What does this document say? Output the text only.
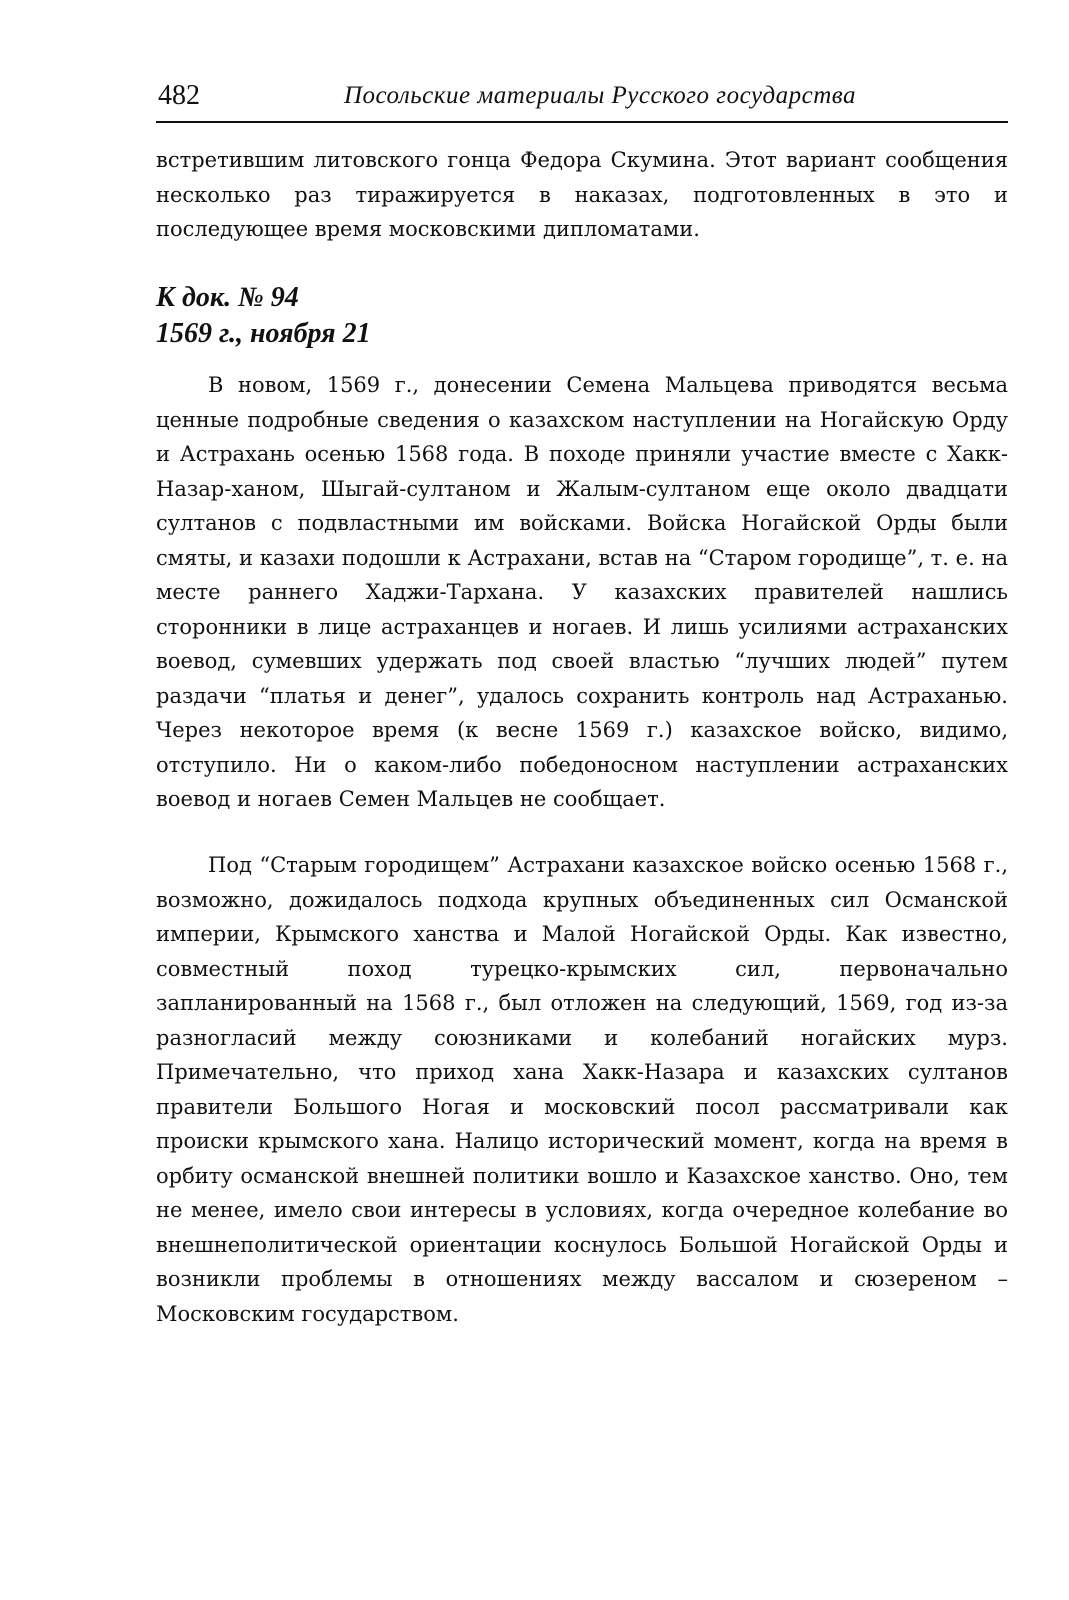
482	Посольские материалы Русского государства

встретившим литовского гонца Федора Скумина. Этот вариант сообщения несколько раз тиражируется в наказах, подготовленных в это и последующее время московскими дипломатами.

К док. № 94

1569 г., ноября 21

В новом, 1569 г., донесении Семена Мальцева приводятся весьма ценные подробные сведения о казахском наступлении на Ногайскую Орду и Астрахань осенью 1568 года. В походе приняли участие вместе с Хакк-Назар-ханом, Шыгай-султаном и Жалым-султаном еще около двадцати султанов с подвластными им войсками. Войска Ногайской Орды были смяты, и казахи подошли к Астрахани, встав на “Старом городище”, т. е. на месте раннего Хаджи-Тархана. У казахских правителей нашлись сторонники в лице астраханцев и ногаев. И лишь усилиями астраханских воевод, сумевших удержать под своей властью “лучших людей” путем раздачи “платья и денег”, удалось сохранить контроль над Астраханью. Через некоторое время (к весне 1569 г.) казахское войско, видимо, отступило. Ни о каком-либо победоносном наступлении астраханских воевод и ногаев Семен Мальцев не сообщает.

Под “Старым городищем” Астрахани казахское войско осенью 1568 г., возможно, дожидалось подхода крупных объединенных сил Османской империи, Крымского ханства и Малой Ногайской Орды. Как известно, совместный поход турецко-крымских сил, первоначально запланированный на 1568 г., был отложен на следующий, 1569, год из-за разногласий между союзниками и колебаний ногайских мурз. Примечательно, что приход хана Хакк-Назара и казахских султанов правители Большого Ногая и московский посол рассматривали как происки крымского хана. Налицо исторический момент, когда на время в орбиту османской внешней политики вошло и Казахское ханство. Оно, тем не менее, имело свои интересы в условиях, когда очередное колебание во внешнеполитической ориентации коснулось Большой Ногайской Орды и возникли проблемы в отношениях между вассалом и сюзереном – Московским государством.
